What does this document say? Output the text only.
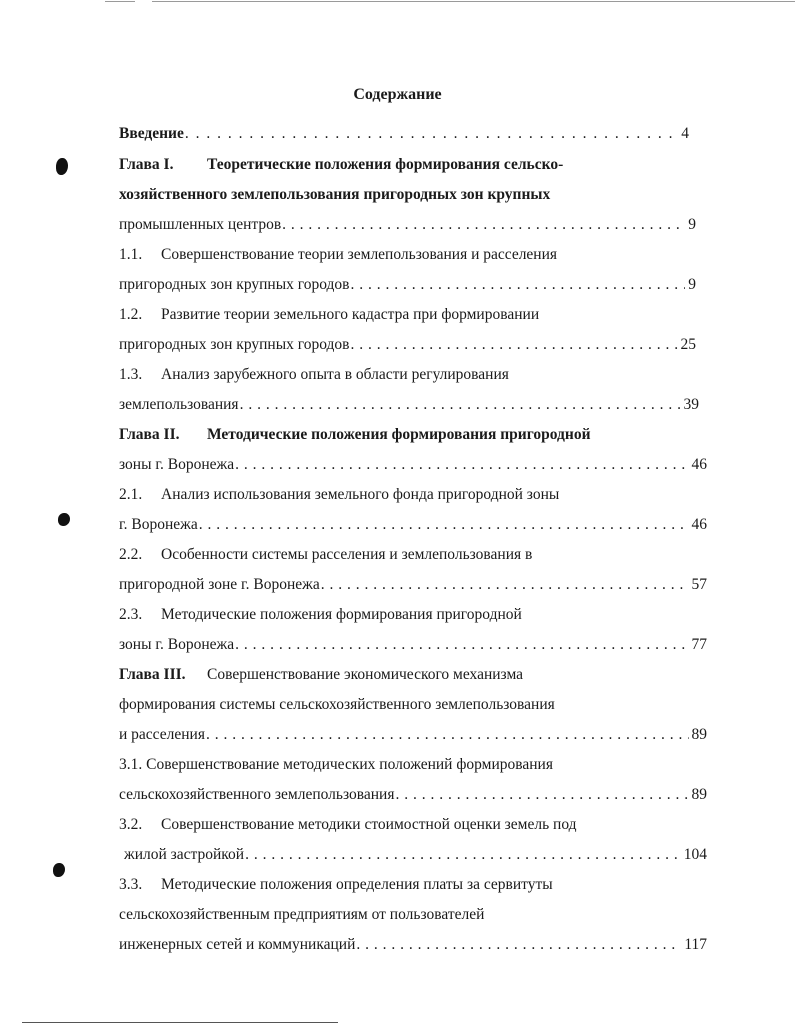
Содержание
Введение . . .	4
Глава I. Теоретические положения формирования сельско-
хозяйственного землепользования пригородных зон крупных
промышленных центров . . .	9
1.1. Совершенствование теории землепользования и расселения
пригородных зон крупных городов . . .	9
1.2. Развитие теории земельного кадастра при формировании
пригородных зон крупных городов . . .	25
1.3. Анализ зарубежного опыта в области регулирования
землепользования . . .	39
Глава II. Методические положения формирования пригородной
зоны г. Воронежа . . .	46
2.1. Анализ использования земельного фонда пригородной зоны
г. Воронежа . . .	46
2.2. Особенности системы расселения и землепользования в
пригородной зоне г. Воронежа . . .	57
2.3. Методические положения формирования пригородной
зоны г. Воронежа . . .	77
Глава III. Совершенствование экономического механизма
формирования системы сельскохозяйственного землепользования
и расселения . . .	89
3.1. Совершенствование методических положений формирования
сельскохозяйственного землепользования . . .	89
3.2. Совершенствование методики стоимостной оценки земель под
жилой застройкой . . .	104
3.3. Методические положения определения платы за сервитуты
сельскохозяйственным предприятиям от пользователей
инженерных сетей и коммуникаций . . .	117
